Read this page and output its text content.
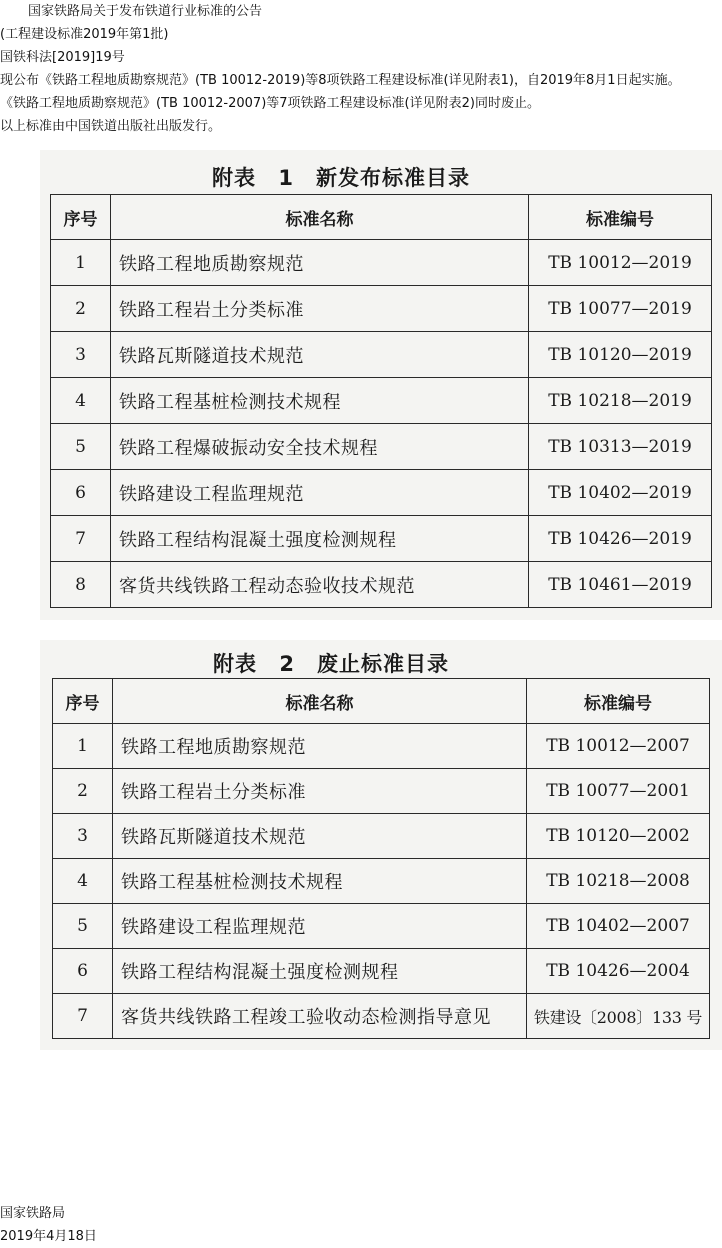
国家铁路局关于发布铁道行业标准的公告

(工程建设标准2019年第1批)

国铁科法[2019]19号

现公布《铁路工程地质勘察规范》(TB 10012-2019)等8项铁路工程建设标准(详见附表1)，自2019年8月1日起实施。

《铁路工程地质勘察规范》(TB 10012-2007)等7项铁路工程建设标准(详见附表2)同时废止。

以上标准由中国铁道出版社出版发行。

附表 1　新发布标准目录
序号	标准名称	标准编号
1	铁路工程地质勘察规范	TB 10012—2019
2	铁路工程岩土分类标准	TB 10077—2019
3	铁路瓦斯隧道技术规范	TB 10120—2019
4	铁路工程基桩检测技术规程	TB 10218—2019
5	铁路工程爆破振动安全技术规程	TB 10313—2019
6	铁路建设工程监理规范	TB 10402—2019
7	铁路工程结构混凝土强度检测规程	TB 10426—2019
8	客货共线铁路工程动态验收技术规范	TB 10461—2019
附表 2　废止标准目录
序号	标准名称	标准编号
1	铁路工程地质勘察规范	TB 10012—2007
2	铁路工程岩土分类标准	TB 10077—2001
3	铁路瓦斯隧道技术规范	TB 10120—2002
4	铁路工程基桩检测技术规程	TB 10218—2008
5	铁路建设工程监理规范	TB 10402—2007
6	铁路工程结构混凝土强度检测规程	TB 10426—2004
7	客货共线铁路工程竣工验收动态检测指导意见	铁建设〔2008〕133 号

国家铁路局

2019年4月18日
